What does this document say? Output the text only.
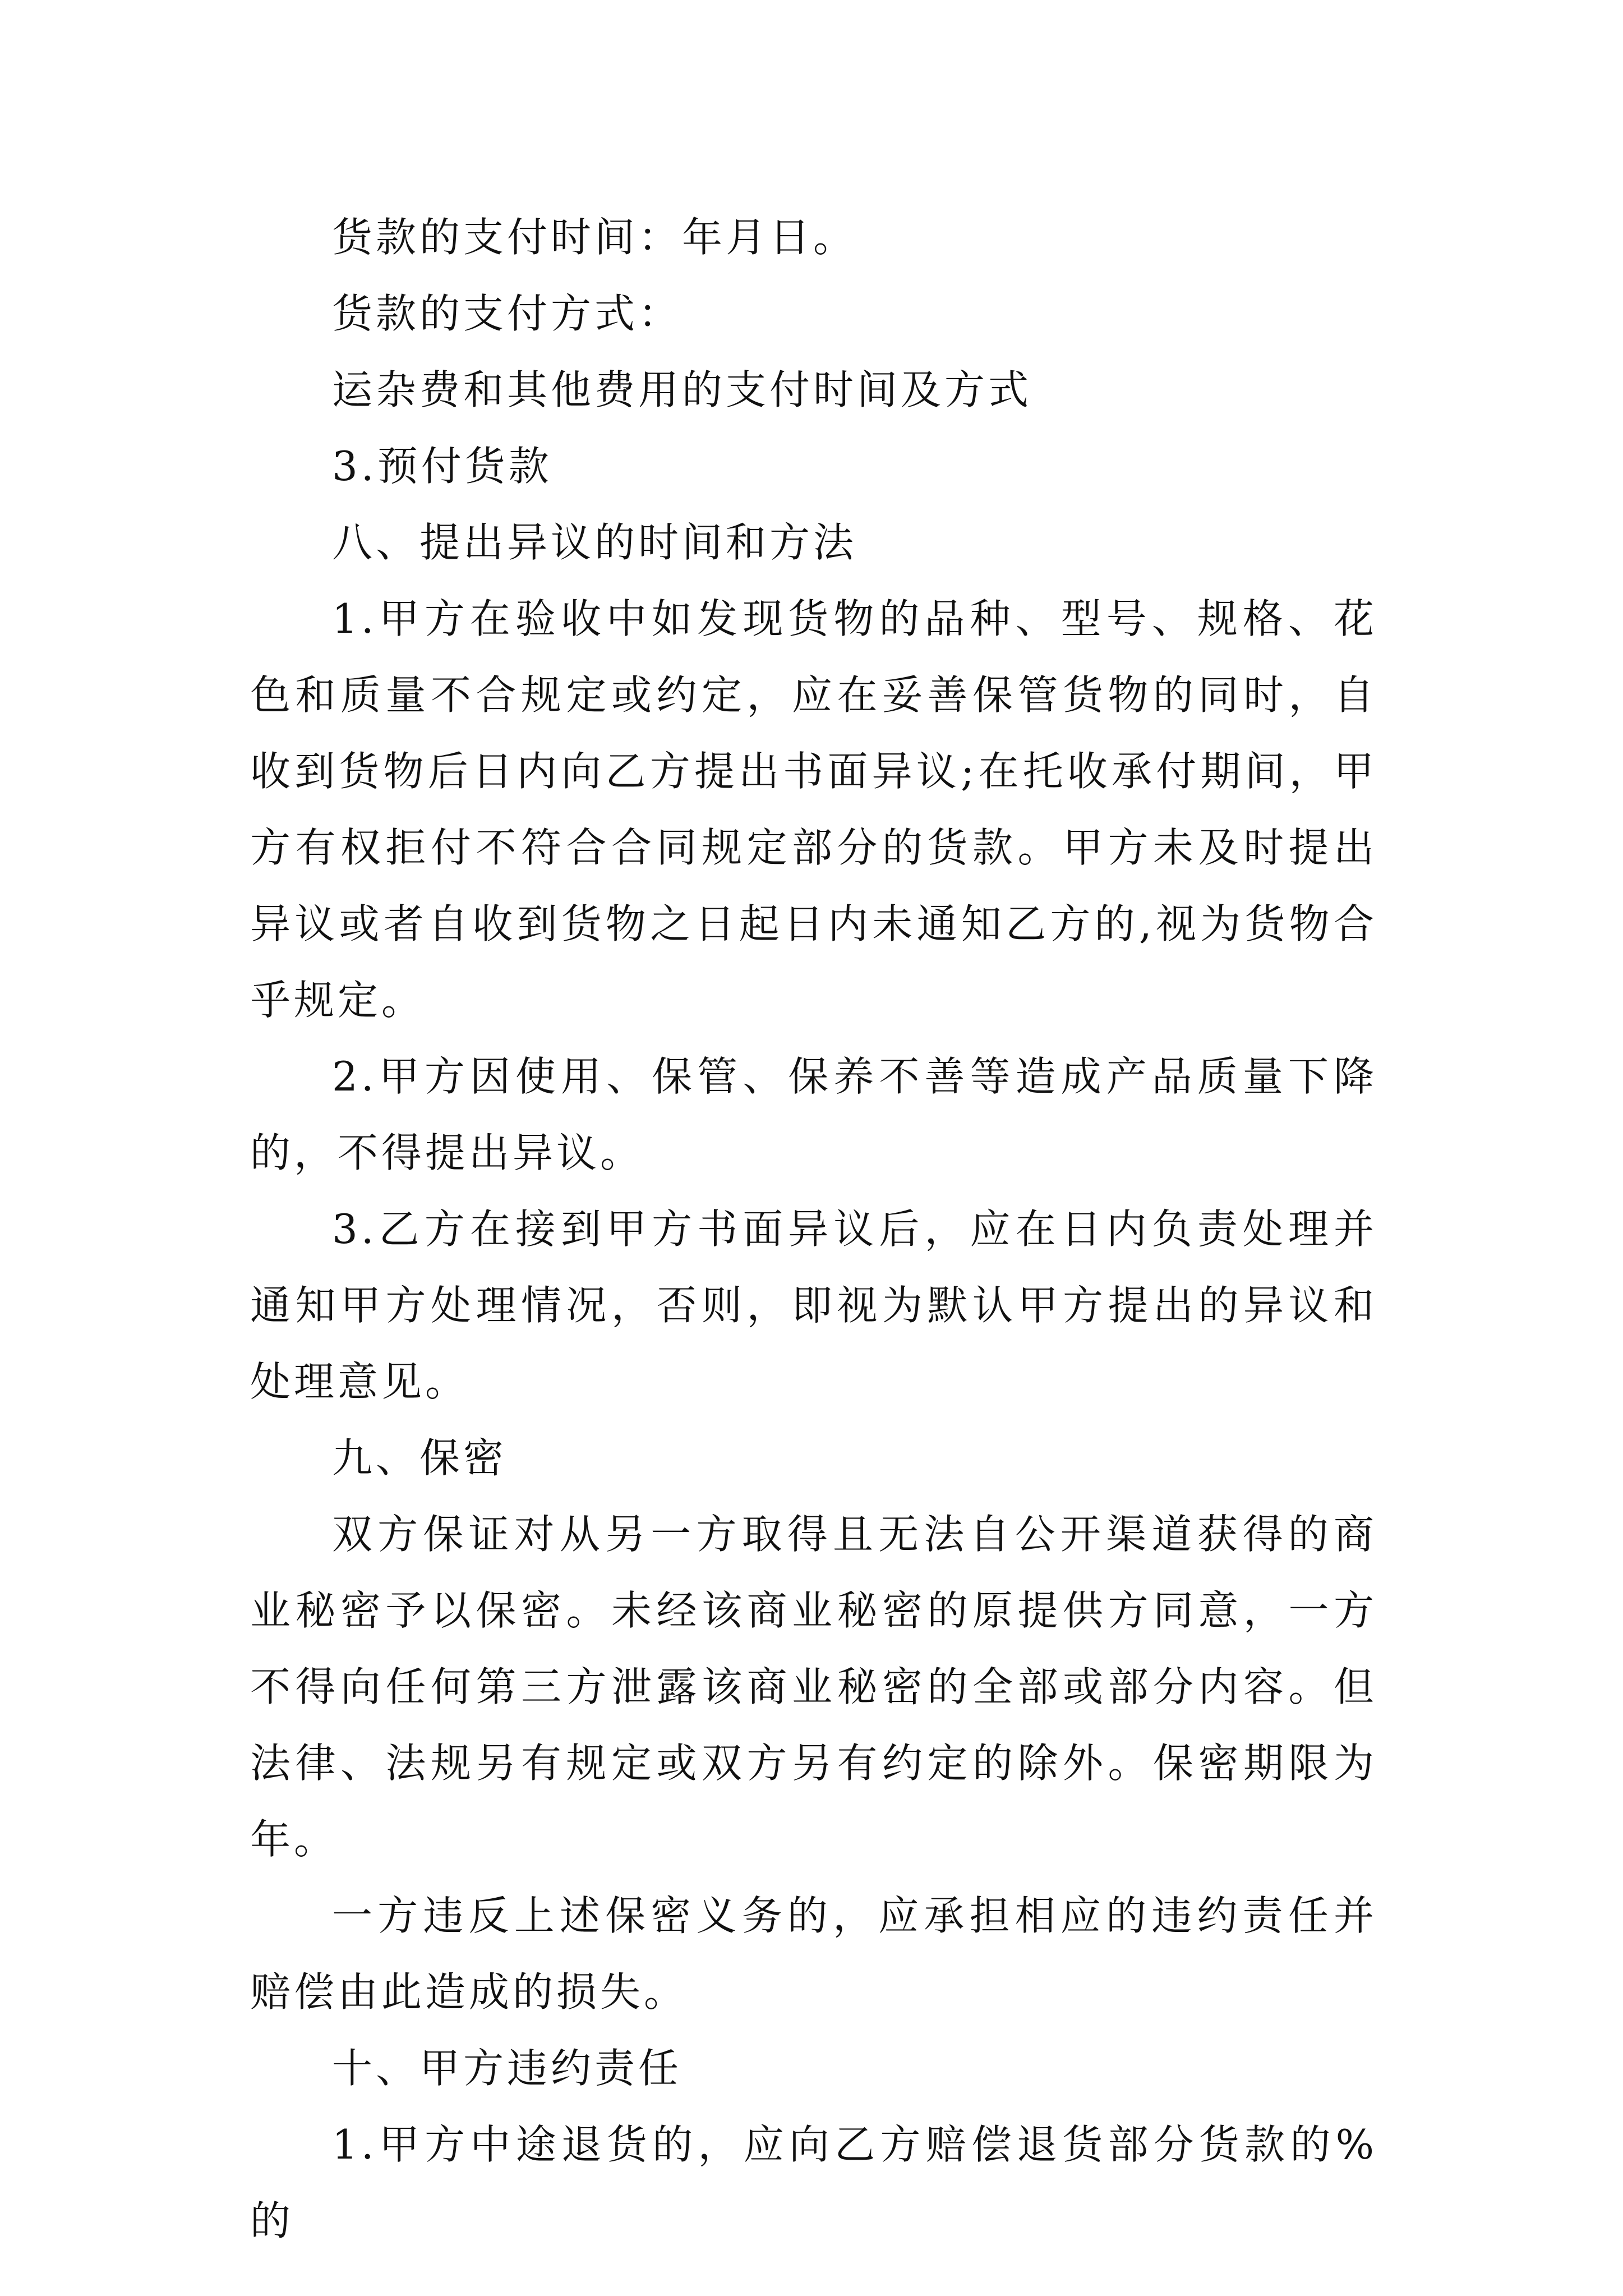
货款的支付时间：年月日。

货款的支付方式：

运杂费和其他费用的支付时间及方式

3.预付货款

八、提出异议的时间和方法

1.甲方在验收中如发现货物的品种、型号、规格、花色和质量不合规定或约定，应在妥善保管货物的同时，自收到货物后日内向乙方提出书面异议;在托收承付期间，甲方有权拒付不符合合同规定部分的货款。甲方未及时提出异议或者自收到货物之日起日内未通知乙方的,视为货物合乎规定。

2.甲方因使用、保管、保养不善等造成产品质量下降的，不得提出异议。

3.乙方在接到甲方书面异议后，应在日内负责处理并通知甲方处理情况，否则，即视为默认甲方提出的异议和处理意见。

九、保密

双方保证对从另一方取得且无法自公开渠道获得的商业秘密予以保密。未经该商业秘密的原提供方同意，一方不得向任何第三方泄露该商业秘密的全部或部分内容。但法律、法规另有规定或双方另有约定的除外。保密期限为年。

一方违反上述保密义务的，应承担相应的违约责任并赔偿由此造成的损失。

十、甲方违约责任

1.甲方中途退货的，应向乙方赔偿退货部分货款的%的
